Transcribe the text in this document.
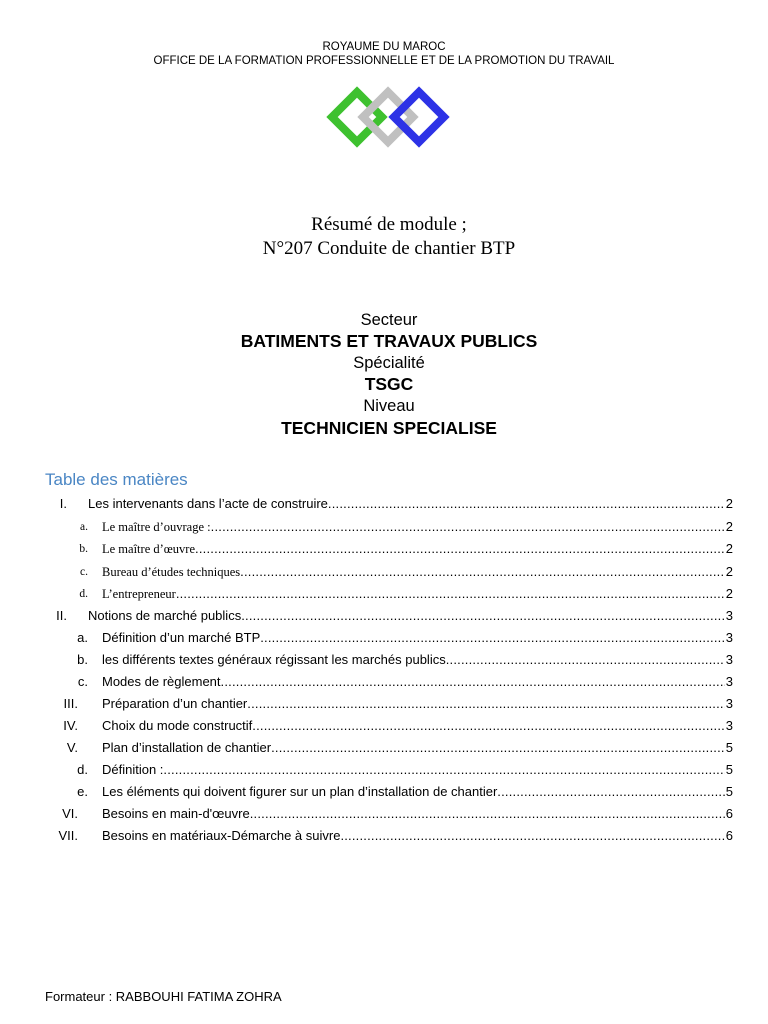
ROYAUME DU MAROC
OFFICE DE LA FORMATION PROFESSIONNELLE ET DE LA PROMOTION DU TRAVAIL
Résumé de module ;
N°207 Conduite de chantier BTP
Secteur
BATIMENTS ET TRAVAUX PUBLICS
Spécialité
TSGC
Niveau
TECHNICIEN SPECIALISE
Table des matières
I. Les intervenants dans l’acte de construire .....	2
a. Le maître d’ouvrage : .....	2
b. Le maître d’œuvre .....	2
c. Bureau d’études techniques .....	2
d. L’entrepreneur .....	2
II. Notions de marché publics .....	3
a. Définition d’un marché BTP .....	3
b. les différents textes généraux régissant les marchés publics .....	3
c. Modes de règlement .....	3
III. Préparation d’un chantier .....	3
IV. Choix du mode constructif .....	3
V. Plan d’installation de chantier .....	5
d. Définition : .....	5
e. Les éléments qui doivent figurer sur un plan d’installation de chantier .....	5
VI. Besoins en main-d'œuvre .....	6
VII. Besoins en matériaux-Démarche à suivre .....	6
Formateur : RABBOUHI FATIMA ZOHRA
